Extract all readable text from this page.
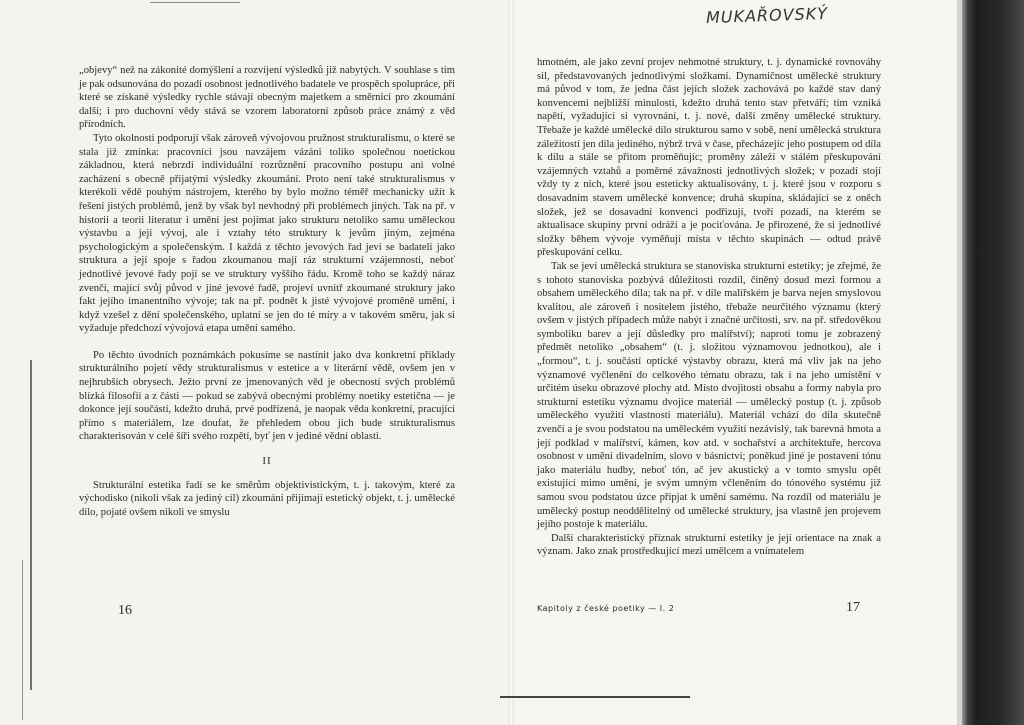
MUKAŘOVSKÝ

„objevy“ než na zákonité domýšlení a rozvíjení výsledků již nabytých. V souhlase s tím je pak odsunována do pozadí osobnost jednotlivého badatele ve prospěch spolupráce, při které se získané výsledky rychle stávají obecným majetkem a směrnicí pro zkoumání další; i pro duchovní vědy stává se vzorem laboratorní způsob práce známý z věd přírodních.

Tyto okolnosti podporují však zároveň vývojovou pružnost strukturalismu, o které se stala již zmínka: pracovníci jsou navzájem vázáni toliko společnou noetickou základnou, která nebrzdí individuální rozrůznění pracovního postupu ani volné zacházení s obecně přijatými výsledky zkoumání. Proto není také strukturalismus v kterékoli vědě pouhým nástrojem, kterého by bylo možno téměř mechanicky užít k řešení jistých problémů, jenž by však byl nevhodný při problémech jiných. Tak na př. v historii a teorii literatur i umění jest pojímat jako strukturu netoliko samu uměleckou výstavbu a její vývoj, ale i vztahy této struktury k jevům jiným, zejména psychologickým a společenským. I každá z těchto jevových řad jeví se badateli jako struktura a její spoje s řadou zkoumanou mají ráz strukturní vzájemnosti, neboť jednotlivé jevové řady pojí se ve struktury vyššího řádu. Kromě toho se každý náraz zvenčí, mající svůj původ v jiné jevové řadě, projeví uvnitř zkoumané struktury jako fakt jejího imanentního vývoje; tak na př. podnět k jisté vývojové proměně umění, i když vzešel z dění společenského, uplatní se jen do té míry a v takovém směru, jak si vyžaduje předchozí vývojová etapa umění samého.

Po těchto úvodních poznámkách pokusíme se nastínit jako dva konkretní příklady strukturálního pojetí vědy strukturalismus v estetice a v literární vědě, ovšem jen v nejhrubších obrysech. Ježto první ze jmenovaných věd je obecností svých problémů blízká filosofii a z části — pokud se zabývá obecnými problémy noetiky estetična — je dokonce její součástí, kdežto druhá, prvé podřízená, je naopak věda konkretní, pracující přímo s materiálem, lze doufat, že přehledem obou jich bude strukturalismus charakterisován v celé šíři svého rozpětí, byť jen v jediné vědní oblasti.

II

Strukturální estetika řadí se ke směrům objektivistickým, t. j. takovým, které za východisko (nikoli však za jediný cíl) zkoumání přijímají estetický objekt, t. j. umělecké dílo, pojaté ovšem nikoli ve smyslu

16

hmotném, ale jako zevní projev nehmotné struktury, t. j. dynamické rovnováhy sil, představovaných jednotlivými složkami. Dynamičnost umělecké struktury má původ v tom, že jedna část jejích složek zachovává po každé stav daný konvencemi nejbližší minulosti, kdežto druhá tento stav přetváří; tím vzniká napětí, vyžadující si vyrovnání, t. j. nové, další změny umělecké struktury. Třebaže je každé umělecké dílo strukturou samo v sobě, není umělecká struktura záležitostí jen díla jediného, nýbrž trvá v čase, přecházejíc jeho postupem od díla k dílu a stále se přitom proměňujíc; proměny záleží v stálém přeskupování vzájemných vztahů a poměrné závažnosti jednotlivých složek; v pozadí stojí vždy ty z nich, které jsou esteticky aktualisovány, t. j. které jsou v rozporu s dosavadním stavem umělecké konvence; druhá skupina, skládající se z oněch složek, jež se dosavadní konvenci podřizují, tvoří pozadí, na kterém se aktualisace skupiny první odráží a je pociťována. Je přirozené, že si jednotlivé složky během vývoje vyměňují místa v těchto skupinách — odtud právě přeskupování celku.

Tak se jeví umělecká struktura se stanoviska strukturní estetiky; je zřejmé, že s tohoto stanoviska pozbývá důležitosti rozdíl, činěný dosud mezi formou a obsahem uměleckého díla; tak na př. v díle malířském je barva nejen smyslovou kvalitou, ale zároveň i nositelem jistého, třebaže neurčitého významu (který ovšem v jistých případech může nabýt i značné určitosti, srv. na př. středověkou symboliku barev a její důsledky pro malířství); naproti tomu je zobrazený předmět netoliko „obsahem“ (t. j. složitou významovou jednotkou), ale i „formou“, t. j. součástí optické výstavby obrazu, která má vliv jak na jeho významové vyčlenění do celkového tématu obrazu, tak i na jeho umístění v určitém úseku obrazové plochy atd. Místo dvojitosti obsahu a formy nabyla pro strukturní estetiku významu dvojice materiál — umělecký postup (t. j. způsob uměleckého využití vlastností materiálu). Materiál vchází do díla skutečně zvenčí a je svou podstatou na uměleckém využití nezávislý, tak barevná hmota a její podklad v malířství, kámen, kov atd. v sochařství a architektuře, hercova osobnost v umění divadelním, slovo v básnictví; poněkud jiné je postavení tónu jako materiálu hudby, neboť tón, ač jev akustický a v tomto smyslu opět existující mimo umění, je svým umným včleněním do tónového systému již samou svou podstatou úzce připjat k umění samému. Na rozdíl od materiálu je umělecký postup neoddělitelný od umělecké struktury, jsa vlastně jen projevem jejího postoje k materiálu.

Další charakteristický příznak strukturní estetiky je její orientace na znak a význam. Jako znak prostředkující mezi umělcem a vnímatelem

Kapitoly z české poetiky — I. 2	17
